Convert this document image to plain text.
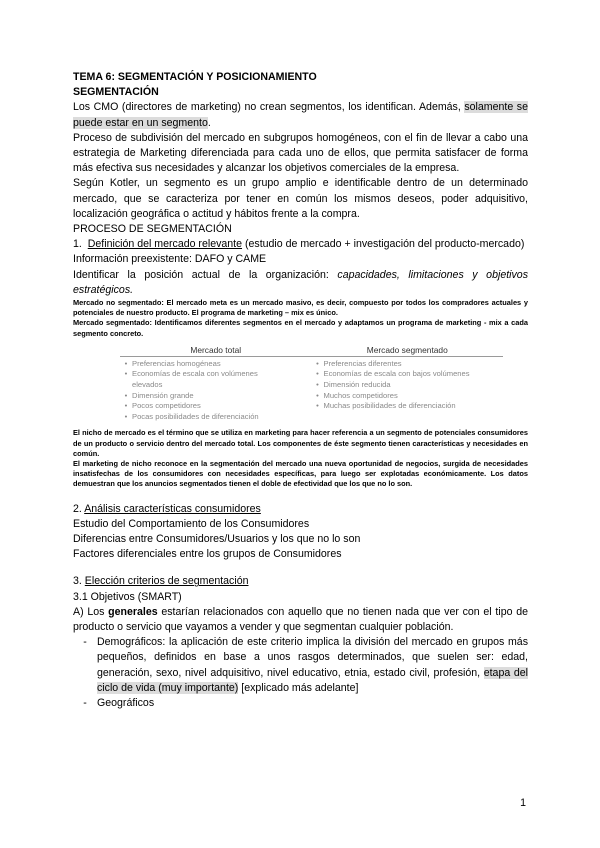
TEMA 6: SEGMENTACIÓN Y POSICIONAMIENTO

SEGMENTACIÓN

Los CMO (directores de marketing) no crean segmentos, los identifican. Además, solamente se puede estar en un segmento.

Proceso de subdivisión del mercado en subgrupos homogéneos, con el fin de llevar a cabo una estrategia de Marketing diferenciada para cada uno de ellos, que permita satisfacer de forma más efectiva sus necesidades y alcanzar los objetivos comerciales de la empresa.

Según Kotler, un segmento es un grupo amplio e identificable dentro de un determinado mercado, que se caracteriza por tener en común los mismos deseos, poder adquisitivo, localización geográfica o actitud y hábitos frente a la compra.

PROCESO DE SEGMENTACIÓN

1. Definición del mercado relevante (estudio de mercado + investigación del producto-mercado)

Información preexistente: DAFO y CAME

Identificar la posición actual de la organización: capacidades, limitaciones y objetivos estratégicos.

Mercado no segmentado: El mercado meta es un mercado masivo, es decir, compuesto por todos los compradores actuales y potenciales de nuestro producto. El programa de marketing – mix es único.

Mercado segmentado: Identificamos diferentes segmentos en el mercado y adaptamos un programa de marketing - mix a cada segmento concreto.

Mercado total	Mercado segmentado
• Preferencias homogéneas
• Economías de escala con volúmenes elevados
• Dimensión grande
• Pocos competidores
• Pocas posibilidades de diferenciación
• Preferencias diferentes
• Economías de escala con bajos volúmenes
• Dimensión reducida
• Muchos competidores
• Muchas posibilidades de diferenciación

El nicho de mercado es el término que se utiliza en marketing para hacer referencia a un segmento de potenciales consumidores de un producto o servicio dentro del mercado total. Los componentes de éste segmento tienen características y necesidades en común.

El marketing de nicho reconoce en la segmentación del mercado una nueva oportunidad de negocios, surgida de necesidades insatisfechas de los consumidores con necesidades específicas, para luego ser explotadas económicamente. Los datos demuestran que los anuncios segmentados tienen el doble de efectividad que los que no lo son.

2. Análisis características consumidores

Estudio del Comportamiento de los Consumidores

Diferencias entre Consumidores/Usuarios y los que no lo son

Factores diferenciales entre los grupos de Consumidores

3. Elección criterios de segmentación

3.1 Objetivos (SMART)

A) Los generales estarían relacionados con aquello que no tienen nada que ver con el tipo de producto o servicio que vayamos a vender y que segmentan cualquier población.

- Demográficos: la aplicación de este criterio implica la división del mercado en grupos más pequeños, definidos en base a unos rasgos determinados, que suelen ser: edad, generación, sexo, nivel adquisitivo, nivel educativo, etnia, estado civil, profesión, etapa del ciclo de vida (muy importante) [explicado más adelante]
- Geográficos
1
